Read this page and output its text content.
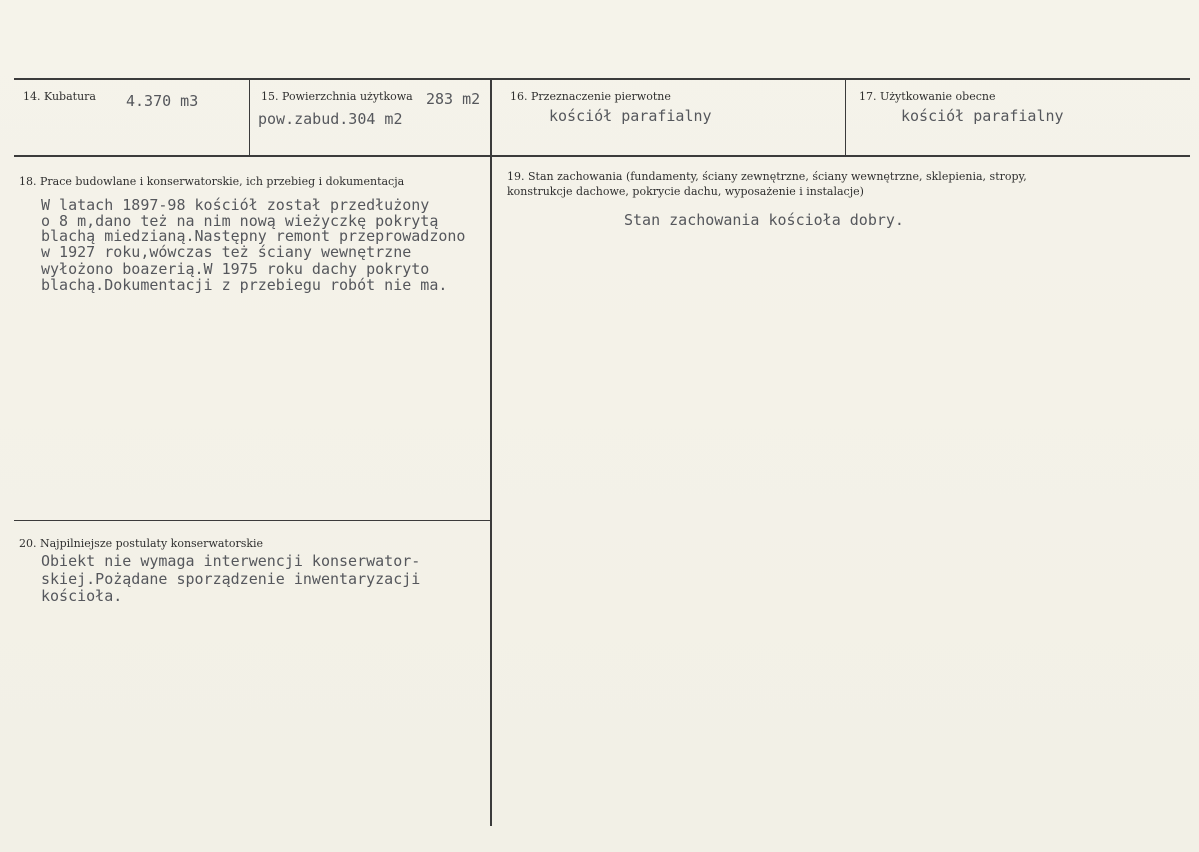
14. Kubatura 4.370 m3	15. Powierzchnia użytkowa 283 m2
pow.zabud.304 m2
16. Przeznaczenie pierwotne
kościół parafialny
17. Użytkowanie obecne
kościół parafialny
18. Prace budowlane i konserwatorskie, ich przebieg i dokumentacja
W latach 1897-98 kościół został przedłużony
o 8 m,dano też na nim nową wieżyczkę pokrytą
blachą miedzianą.Następny remont przeprowadzono
w 1927 roku,wówczas też ściany wewnętrzne
wyłożono boazerią.W 1975 roku dachy pokryto
blachą.Dokumentacji z przebiegu robót nie ma.
19. Stan zachowania (fundamenty, ściany zewnętrzne, ściany wewnętrzne, sklepienia, stropy,
konstrukcje dachowe, pokrycie dachu, wyposażenie i instalacje)
Stan zachowania kościoła dobry.
20. Najpilniejsze postulaty konserwatorskie
Obiekt nie wymaga interwencji konserwator-
skiej.Pożądane sporządzenie inwentaryzacji
kościoła.
